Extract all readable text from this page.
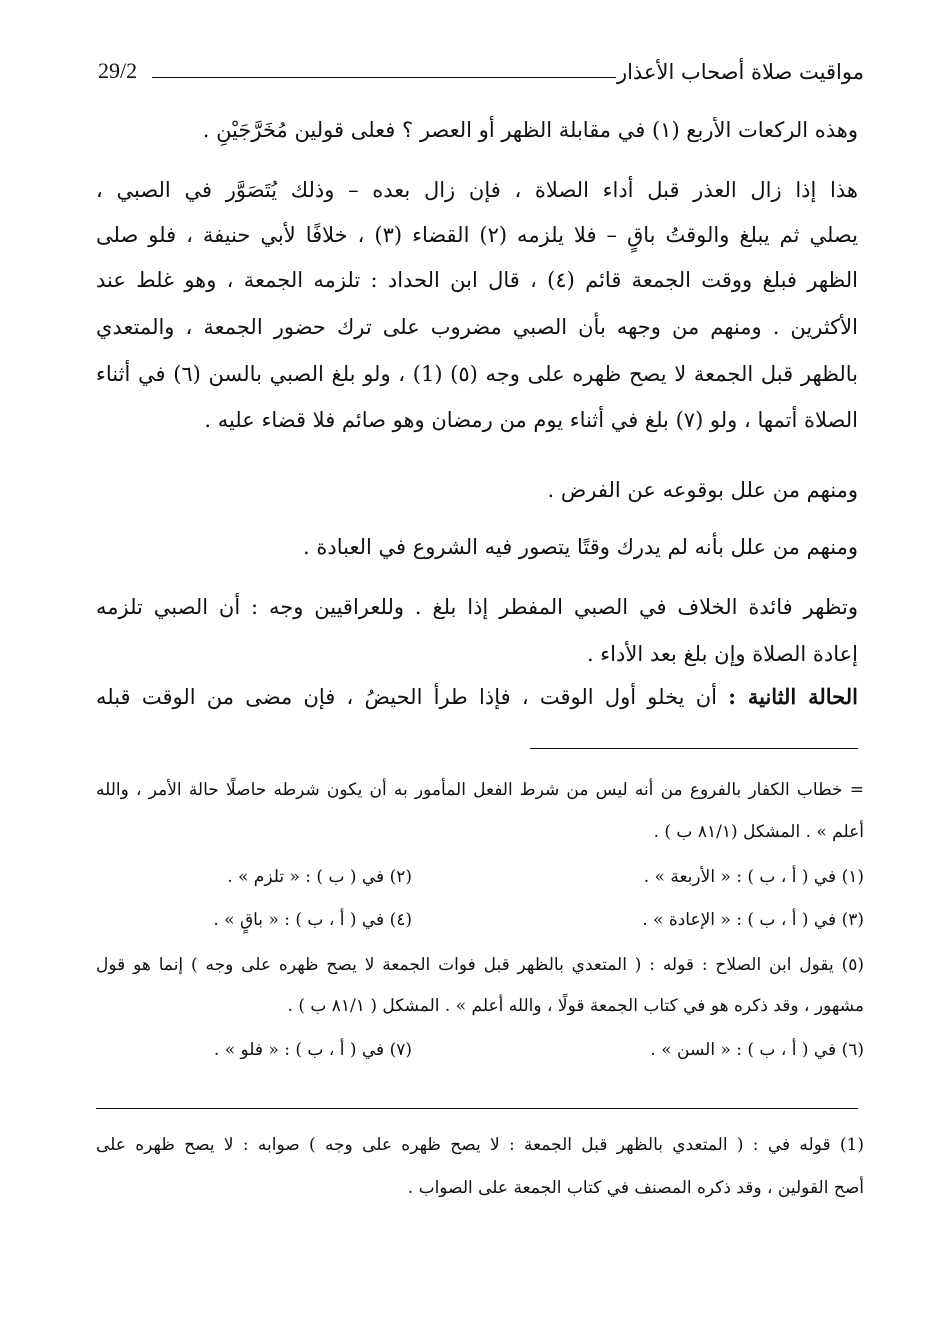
مواقيت صلاة أصحاب الأعذار
29/2
وهذه الركعات الأربع (١) في مقابلة الظهر أو العصر ؟ فعلى قولين مُخَرَّجَيْنِ .
هذا إذا زال العذر قبل أداء الصلاة ، فإن زال بعده – وذلك يُتَصَوَّر في الصبي ،
يصلي ثم يبلغ والوقتُ باقٍ – فلا يلزمه (٢) القضاء (٣) ، خلافًا لأبي حنيفة ، فلو صلى
الظهر فبلغ ووقت الجمعة قائم (٤) ، قال ابن الحداد : تلزمه الجمعة ، وهو غلط عند
الأكثرين . ومنهم من وجهه بأن الصبي مضروب على ترك حضور الجمعة ، والمتعدي
بالظهر قبل الجمعة لا يصح ظهره على وجه (٥) (1) ، ولو بلغ الصبي بالسن (٦) في أثناء
الصلاة أتمها ، ولو (٧) بلغ في أثناء يوم من رمضان وهو صائم فلا قضاء عليه .
ومنهم من علل بوقوعه عن الفرض .
ومنهم من علل بأنه لم يدرك وقتًا يتصور فيه الشروع في العبادة .
وتظهر فائدة الخلاف في الصبي المفطر إذا بلغ . وللعراقيين وجه : أن الصبي تلزمه
إعادة الصلاة وإن بلغ بعد الأداء .
الحالة الثانية : أن يخلو أول الوقت ، فإذا طرأ الحيضُ ، فإن مضى من الوقت قبله
= خطاب الكفار بالفروع من أنه ليس من شرط الفعل المأمور به أن يكون شرطه حاصلًا حالة الأمر ، والله
أعلم » . المشكل (٨١/١ ب ) .
(١) في ( أ ، ب ) : « الأربعة » .
(٢) في ( ب ) : « تلزم » .
(٣) في ( أ ، ب ) : « الإعادة » .
(٤) في ( أ ، ب ) : « باقٍ » .
(٥) يقول ابن الصلاح : قوله : ( المتعدي بالظهر قبل فوات الجمعة لا يصح ظهره على وجه ) إنما هو قول
مشهور ، وقد ذكره هو في كتاب الجمعة قولًا ، والله أعلم » . المشكل ( ٨١/١ ب ) .
(٦) في ( أ ، ب ) : « السن » .
(٧) في ( أ ، ب ) : « فلو » .
(1) قوله في : ( المتعدي بالظهر قبل الجمعة : لا يصح ظهره على وجه ) صوابه : لا يصح ظهره على
أصح القولين ، وقد ذكره المصنف في كتاب الجمعة على الصواب .
